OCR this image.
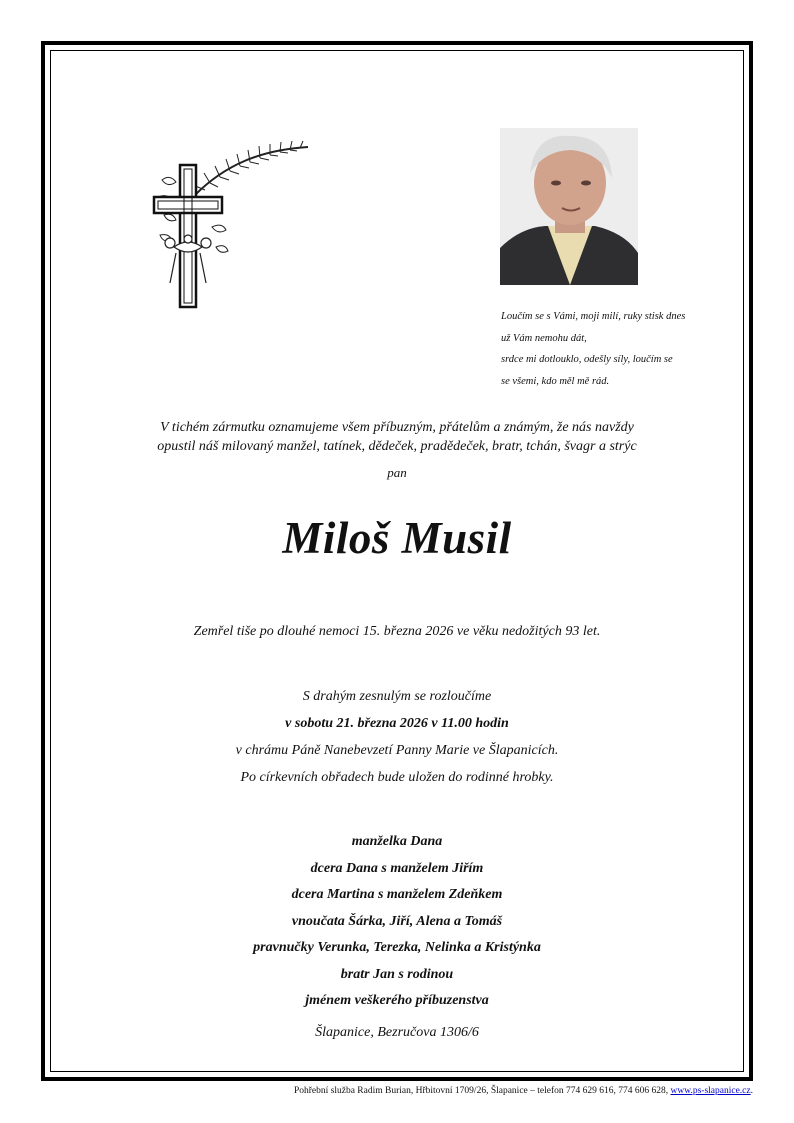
Loučím se s Vámi, moji milí, ruky stisk dnes
už Vám nemohu dát,
srdce mi dotlouklo, odešly síly, loučím se
se všemi, kdo měl mě rád.

V tichém zármutku oznamujeme všem příbuzným, přátelům a známým, že nás navždy
opustil náš milovaný manžel, tatínek, dědeček, pradědeček, bratr, tchán, švagr a strýc
pan
Miloš Musil
Zemřel tiše po dlouhé nemoci 15. března 2026 ve věku nedožitých 93 let.
S drahým zesnulým se rozloučíme
v sobotu 21. března 2026 v 11.00 hodin
v chrámu Páně Nanebevzetí Panny Marie ve Šlapanicích.
Po církevních obřadech bude uložen do rodinné hrobky.
manželka Dana
dcera Dana s manželem Jiřím
dcera Martina s manželem Zdeňkem
vnoučata Šárka, Jiří, Alena a Tomáš
pravnučky Verunka, Terezka, Nelinka a Kristýnka
bratr Jan s rodinou
jménem veškerého příbuzenstva
Šlapanice, Bezručova 1306/6
Pohřební služba Radim Burian, Hřbitovní 1709/26, Šlapanice – telefon 774 629 616, 774 606 628, www.ps-slapanice.cz.
